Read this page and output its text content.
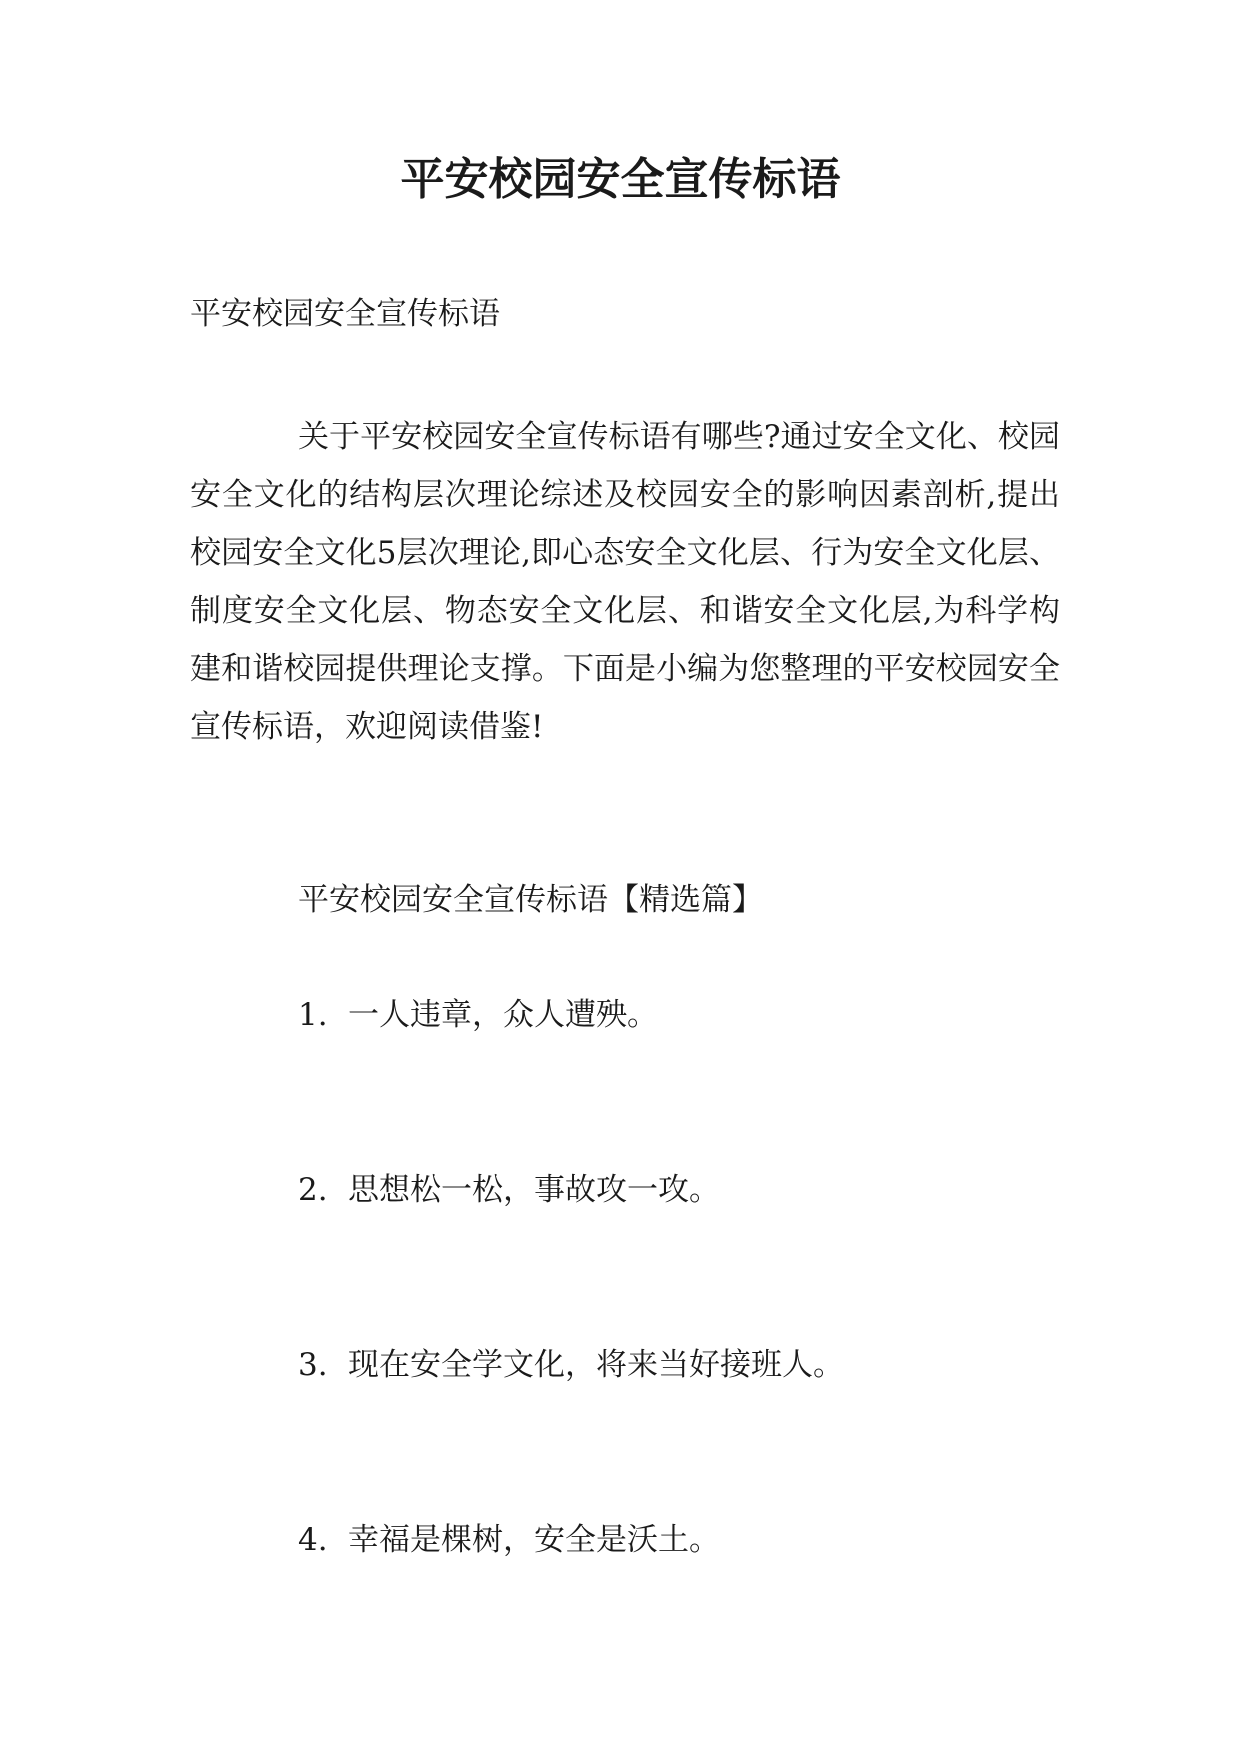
平安校园安全宣传标语

平安校园安全宣传标语

关于平安校园安全宣传标语有哪些?通过安全文化、校园安全文化的结构层次理论综述及校园安全的影响因素剖析,提出校园安全文化5层次理论,即心态安全文化层、行为安全文化层、制度安全文化层、物态安全文化层、和谐安全文化层,为科学构建和谐校园提供理论支撑。下面是小编为您整理的平安校园安全宣传标语，欢迎阅读借鉴!

平安校园安全宣传标语【精选篇】

1. 一人违章，众人遭殃。

2. 思想松一松，事故攻一攻。

3. 现在安全学文化，将来当好接班人。

4. 幸福是棵树，安全是沃土。
